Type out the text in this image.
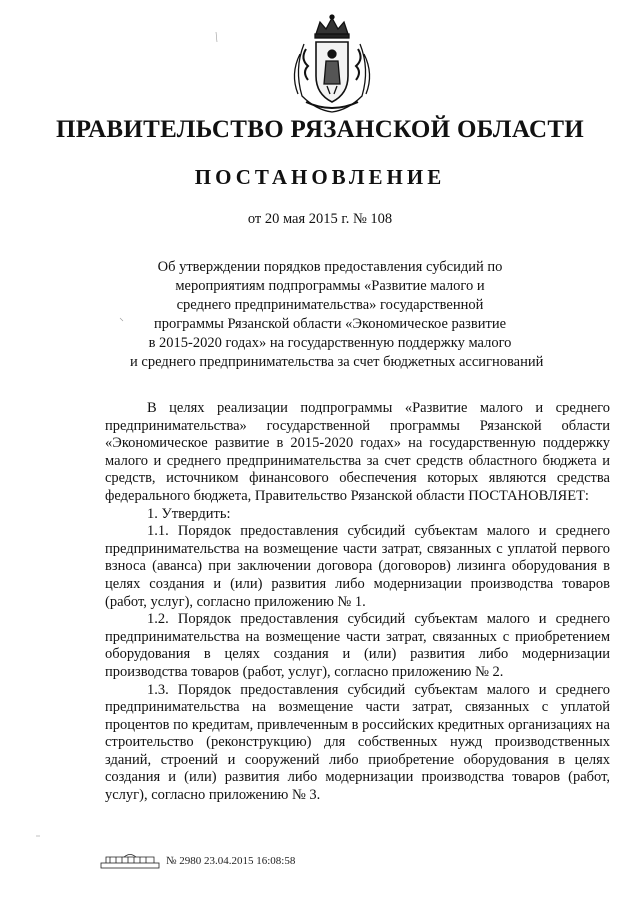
ПРАВИТЕЛЬСТВО РЯЗАНСКОЙ ОБЛАСТИ
ПОСТАНОВЛЕНИЕ
от 20 мая 2015 г. № 108
Об утверждении порядков предоставления субсидий по
мероприятиям подпрограммы «Развитие малого и
среднего предпринимательства» государственной
программы Рязанской области «Экономическое развитие
в 2015-2020 годах» на государственную поддержку малого
и среднего предпринимательства за счет бюджетных ассигнований

В целях реализации подпрограммы «Развитие малого и среднего предпринимательства» государственной программы Рязанской области «Экономическое развитие в 2015-2020 годах» на государственную поддержку малого и среднего предпринимательства за счет средств областного бюджета и средств, источником финансового обеспечения которых являются средства федерального бюджета, Правительство Рязанской области ПОСТАНОВЛЯЕТ:

1. Утвердить:

1.1. Порядок предоставления субсидий субъектам малого и среднего предпринимательства на возмещение части затрат, связанных с уплатой первого взноса (аванса) при заключении договора (договоров) лизинга оборудования в целях создания и (или) развития либо модернизации производства товаров (работ, услуг), согласно приложению № 1.

1.2. Порядок предоставления субсидий субъектам малого и среднего предпринимательства на возмещение части затрат, связанных с приобретением оборудования в целях создания и (или) развития либо модернизации производства товаров (работ, услуг), согласно приложению № 2.

1.3. Порядок предоставления субсидий субъектам малого и среднего предпринимательства на возмещение части затрат, связанных с уплатой процентов по кредитам, привлеченным в российских кредитных организациях на строительство (реконструкцию) для собственных нужд производственных зданий, строений и сооружений либо приобретение оборудования в целях создания и (или) развития либо модернизации производства товаров (работ, услуг), согласно приложению № 3.

№ 2980 23.04.2015 16:08:58
